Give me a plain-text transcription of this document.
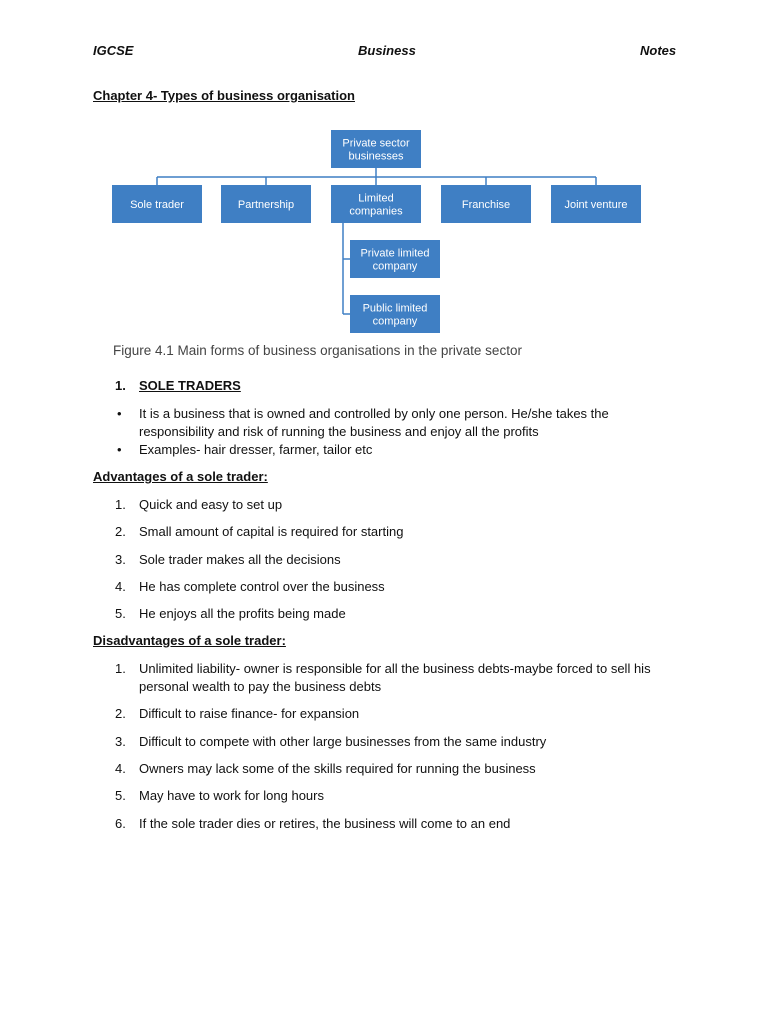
IGCSE	Business	Notes
Chapter 4- Types of business organisation
Private sector
businesses
Sole trader	Partnership
Limited
companies
Franchise	Joint venture
Private limited
company
Public limited
company
Figure 4.1 Main forms of business organisations in the private sector
1. SOLE TRADERS
• It is a business that is owned and controlled by only one person. He/she takes the responsibility and risk of running the business and enjoy all the profits
• Examples- hair dresser, farmer, tailor etc
Advantages of a sole trader:
1. Quick and easy to set up
2. Small amount of capital is required for starting
3. Sole trader makes all the decisions
4. He has complete control over the business
5. He enjoys all the profits being made
Disadvantages of a sole trader:
1. Unlimited liability- owner is responsible for all the business debts-maybe forced to sell his personal wealth to pay the business debts
2. Difficult to raise finance- for expansion
3. Difficult to compete with other large businesses from the same industry
4. Owners may lack some of the skills required for running the business
5. May have to work for long hours
6. If the sole trader dies or retires, the business will come to an end
